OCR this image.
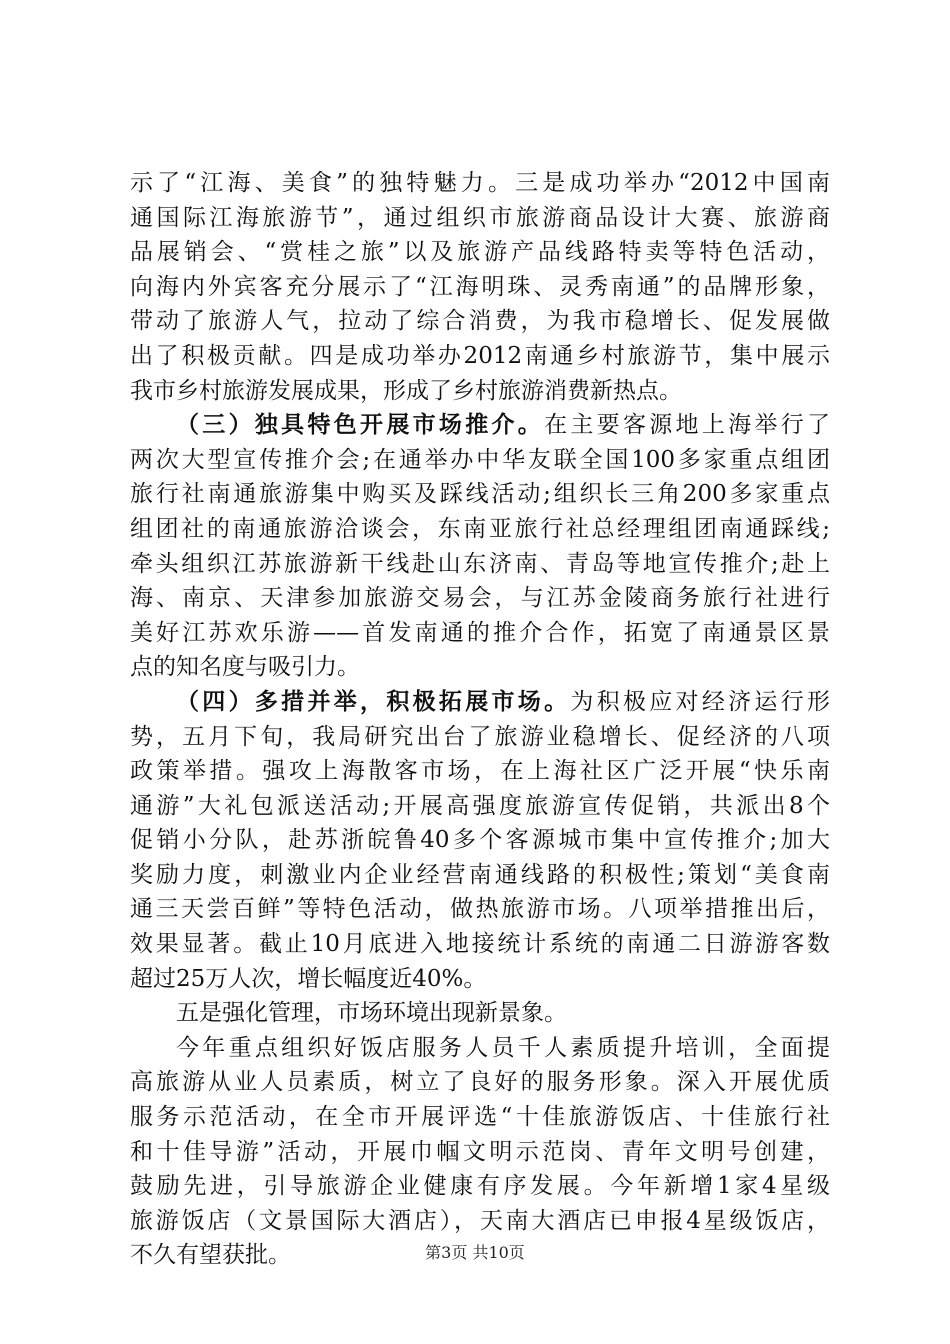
示了“江海、美食”的独特魅力。三是成功举办“2012中国南
通国际江海旅游节”，通过组织市旅游商品设计大赛、旅游商
品展销会、“赏桂之旅”以及旅游产品线路特卖等特色活动，
向海内外宾客充分展示了“江海明珠、灵秀南通”的品牌形象，
带动了旅游人气，拉动了综合消费，为我市稳增长、促发展做
出了积极贡献。四是成功举办2012南通乡村旅游节，集中展示
我市乡村旅游发展成果，形成了乡村旅游消费新热点。
（三）独具特色开展市场推介。在主要客源地上海举行了
两次大型宣传推介会;在通举办中华友联全国100多家重点组团
旅行社南通旅游集中购买及踩线活动;组织长三角200多家重点
组团社的南通旅游洽谈会，东南亚旅行社总经理组团南通踩线;
牵头组织江苏旅游新干线赴山东济南、青岛等地宣传推介;赴上
海、南京、天津参加旅游交易会，与江苏金陵商务旅行社进行
美好江苏欢乐游——首发南通的推介合作，拓宽了南通景区景
点的知名度与吸引力。
（四）多措并举，积极拓展市场。为积极应对经济运行形
势，五月下旬，我局研究出台了旅游业稳增长、促经济的八项
政策举措。强攻上海散客市场，在上海社区广泛开展“快乐南
通游”大礼包派送活动;开展高强度旅游宣传促销，共派出8个
促销小分队，赴苏浙皖鲁40多个客源城市集中宣传推介;加大
奖励力度，刺激业内企业经营南通线路的积极性;策划“美食南
通三天尝百鲜”等特色活动，做热旅游市场。八项举措推出后，
效果显著。截止10月底进入地接统计系统的南通二日游游客数
超过25万人次，增长幅度近40%。
五是强化管理，市场环境出现新景象。
今年重点组织好饭店服务人员千人素质提升培训，全面提
高旅游从业人员素质，树立了良好的服务形象。深入开展优质
服务示范活动，在全市开展评选“十佳旅游饭店、十佳旅行社
和十佳导游”活动，开展巾帼文明示范岗、青年文明号创建，
鼓励先进，引导旅游企业健康有序发展。今年新增1家4星级
旅游饭店（文景国际大酒店），天南大酒店已申报4星级饭店，
不久有望获批。	第3页 共10页
